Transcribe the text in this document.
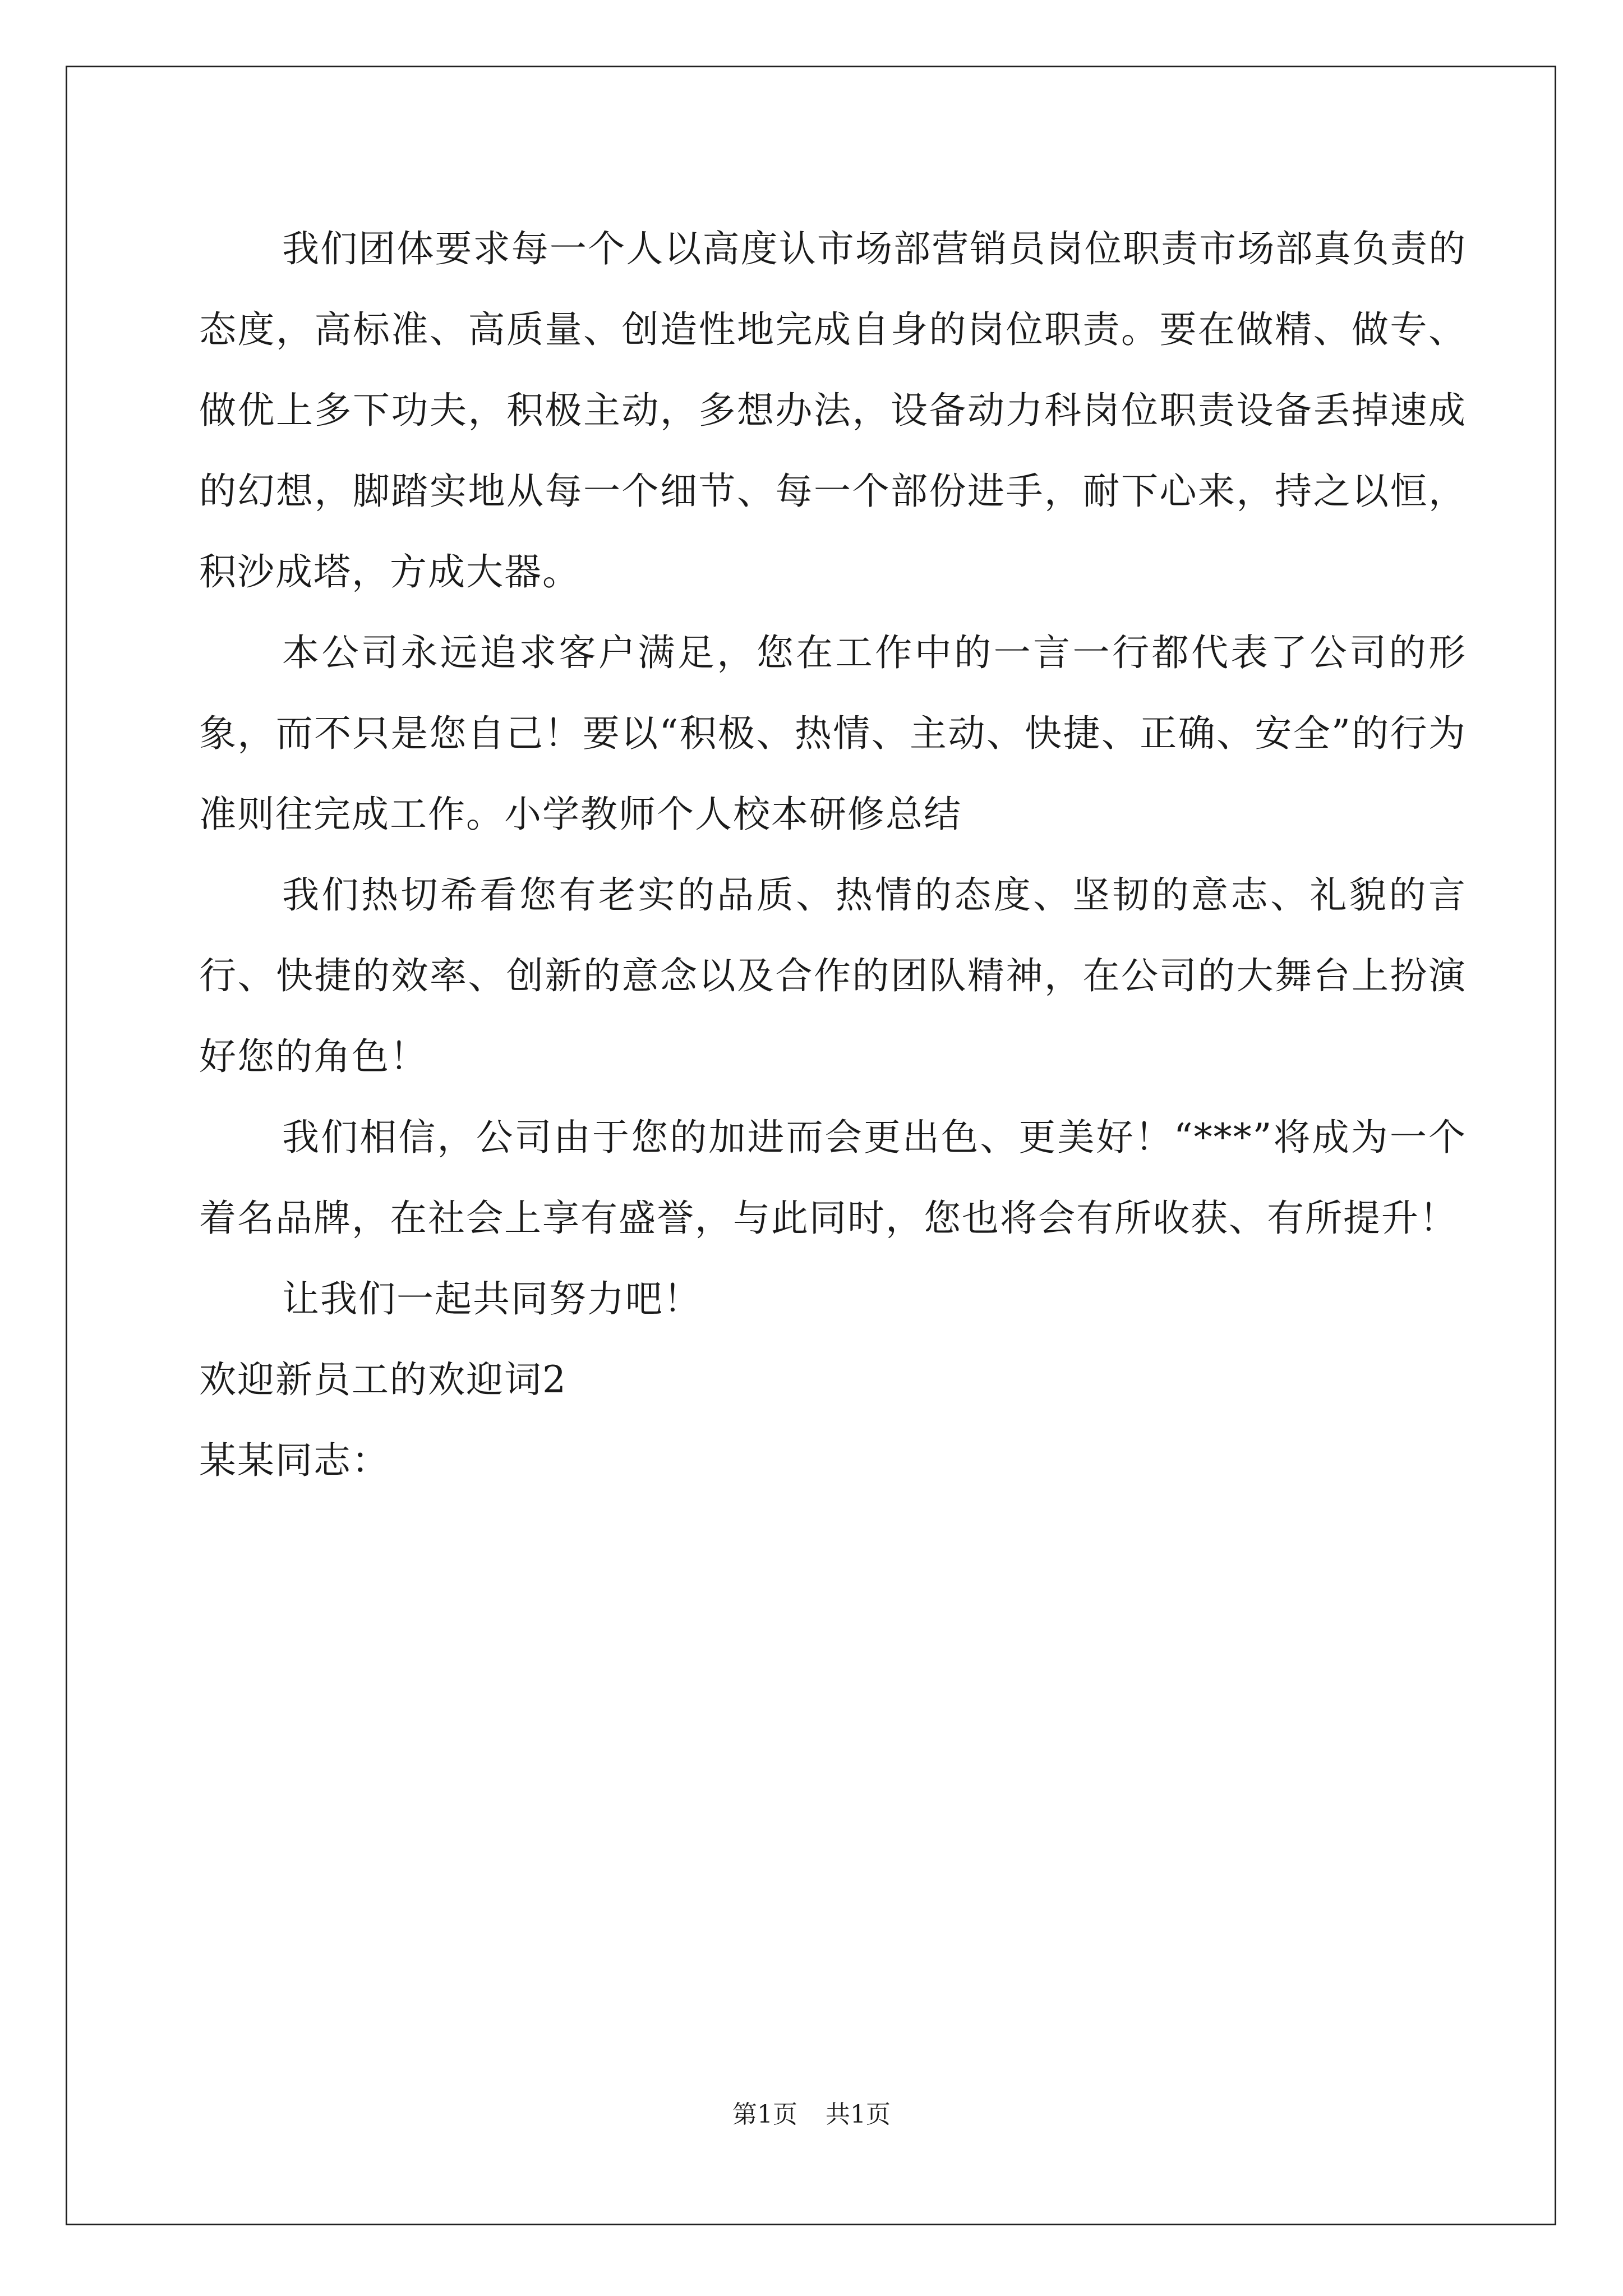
我们团体要求每一个人以高度认市场部营销员岗位职责市场部真负责的态度，高标准、高质量、创造性地完成自身的岗位职责。要在做精、做专、做优上多下功夫，积极主动，多想办法，设备动力科岗位职责设备丢掉速成的幻想，脚踏实地从每一个细节、每一个部份进手，耐下心来，持之以恒，积沙成塔，方成大器。

本公司永远追求客户满足，您在工作中的一言一行都代表了公司的形象，而不只是您自己！要以“积极、热情、主动、快捷、正确、安全”的行为准则往完成工作。小学教师个人校本研修总结

我们热切希看您有老实的品质、热情的态度、坚韧的意志、礼貌的言行、快捷的效率、创新的意念以及合作的团队精神，在公司的大舞台上扮演好您的角色！

我们相信，公司由于您的加进而会更出色、更美好！“***”将成为一个着名品牌，在社会上享有盛誉，与此同时，您也将会有所收获、有所提升！

让我们一起共同努力吧！

欢迎新员工的欢迎词2

某某同志：

第1页 共1页
